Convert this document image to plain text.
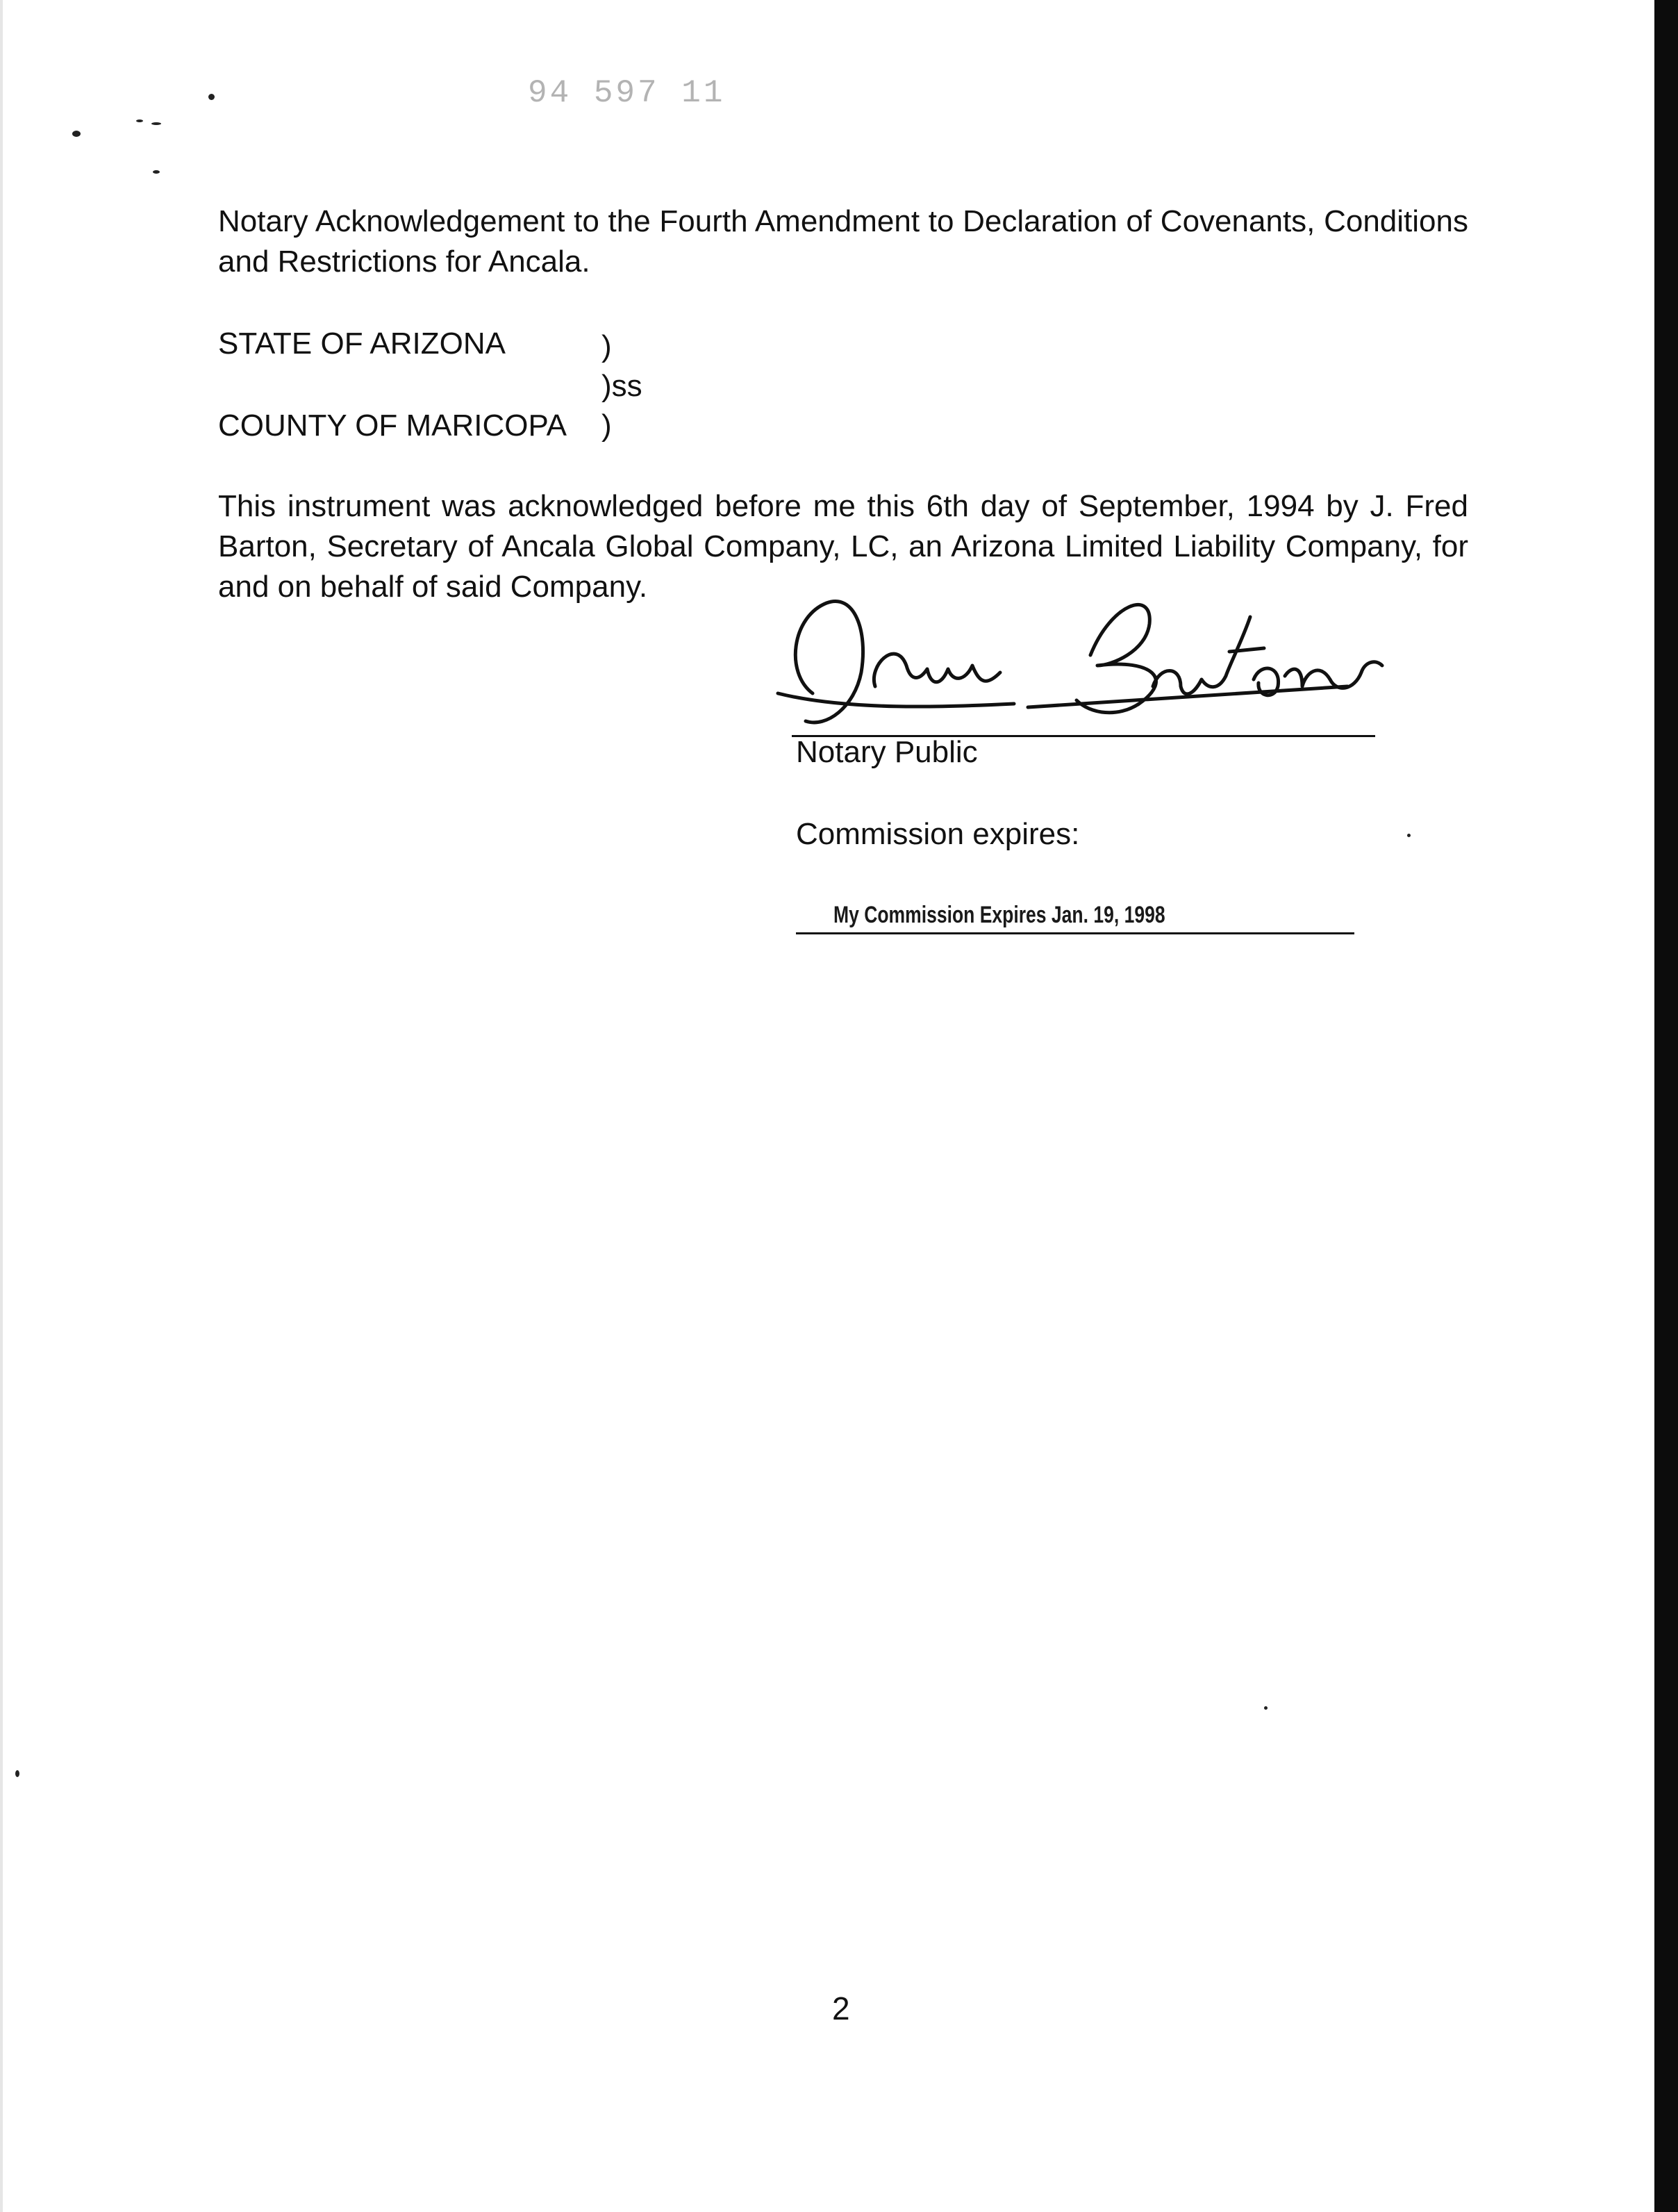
94 597 11
Notary Acknowledgement to the Fourth Amendment to Declaration of Covenants, Conditions and Restrictions for Ancala.
STATE OF ARIZONA	)
)ss
COUNTY OF MARICOPA )
This instrument was acknowledged before me this 6th day of September, 1994 by J. Fred Barton, Secretary of Ancala Global Company, LC, an Arizona Limited Liability Company, for and on behalf of said Company.
Notary Public
Commission expires:
My Commission Expires Jan. 19, 1998
2
